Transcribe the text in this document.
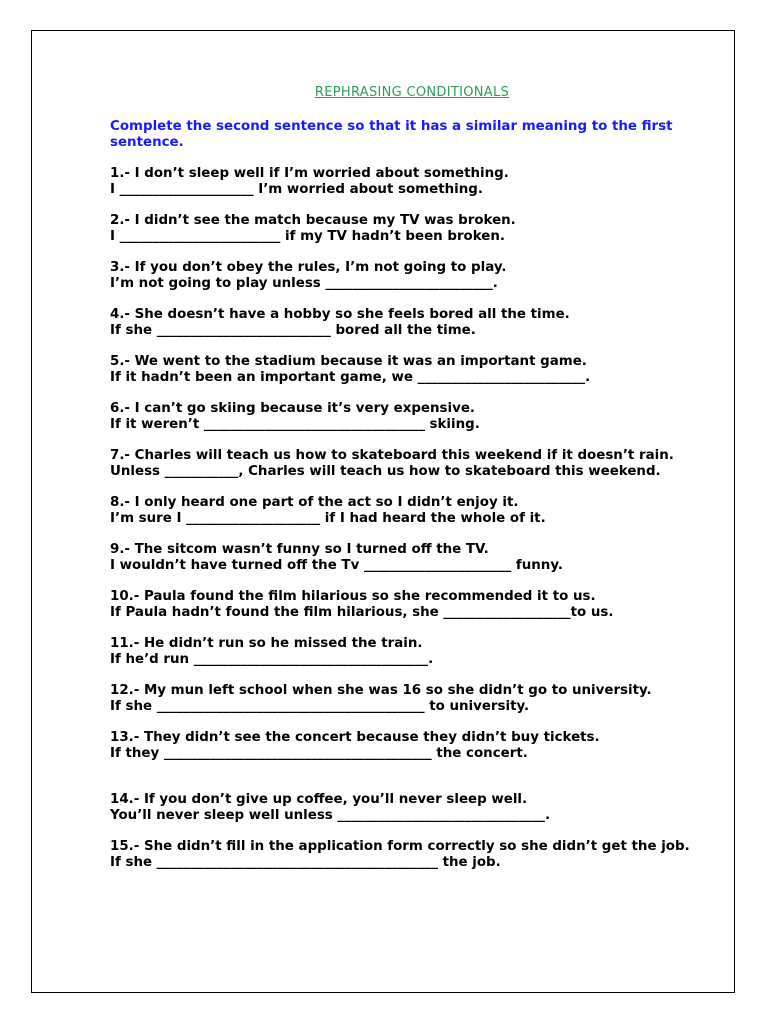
REPHRASING CONDITIONALS
Complete the second sentence so that it has a similar meaning to the first sentence.

1.- I don’t sleep well if I’m worried about something.

I ____________________ I’m worried about something.

2.- I didn’t see the match because my TV was broken.

I ________________________ if my TV hadn’t been broken.

3.- If you don’t obey the rules, I’m not going to play.

I’m not going to play unless _________________________.

4.- She doesn’t have a hobby so she feels bored all the time.

If she __________________________ bored all the time.

5.- We went to the stadium because it was an important game.

If it hadn’t been an important game, we _________________________.

6.- I can’t go skiing because it’s very expensive.

If it weren’t _________________________________ skiing.

7.- Charles will teach us how to skateboard this weekend if it doesn’t rain.

Unless ___________, Charles will teach us how to skateboard this weekend.

8.- I only heard one part of the act so I didn’t enjoy it.

I’m sure I ____________________ if I had heard the whole of it.

9.- The sitcom wasn’t funny so I turned off the TV.

I wouldn’t have turned off the Tv ______________________ funny.

10.- Paula found the film hilarious so she recommended it to us.

If Paula hadn’t found the film hilarious, she ___________________to us.

11.- He didn’t run so he missed the train.

If he’d run ___________________________________.

12.- My mun left school when she was 16 so she didn’t go to university.

If she ________________________________________ to university.

13.- They didn’t see the concert because they didn’t buy tickets.

If they ________________________________________ the concert.

14.- If you don’t give up coffee, you’ll never sleep well.

You’ll never sleep well unless _______________________________.

15.- She didn’t fill in the application form correctly so she didn’t get the job.

If she __________________________________________ the job.
